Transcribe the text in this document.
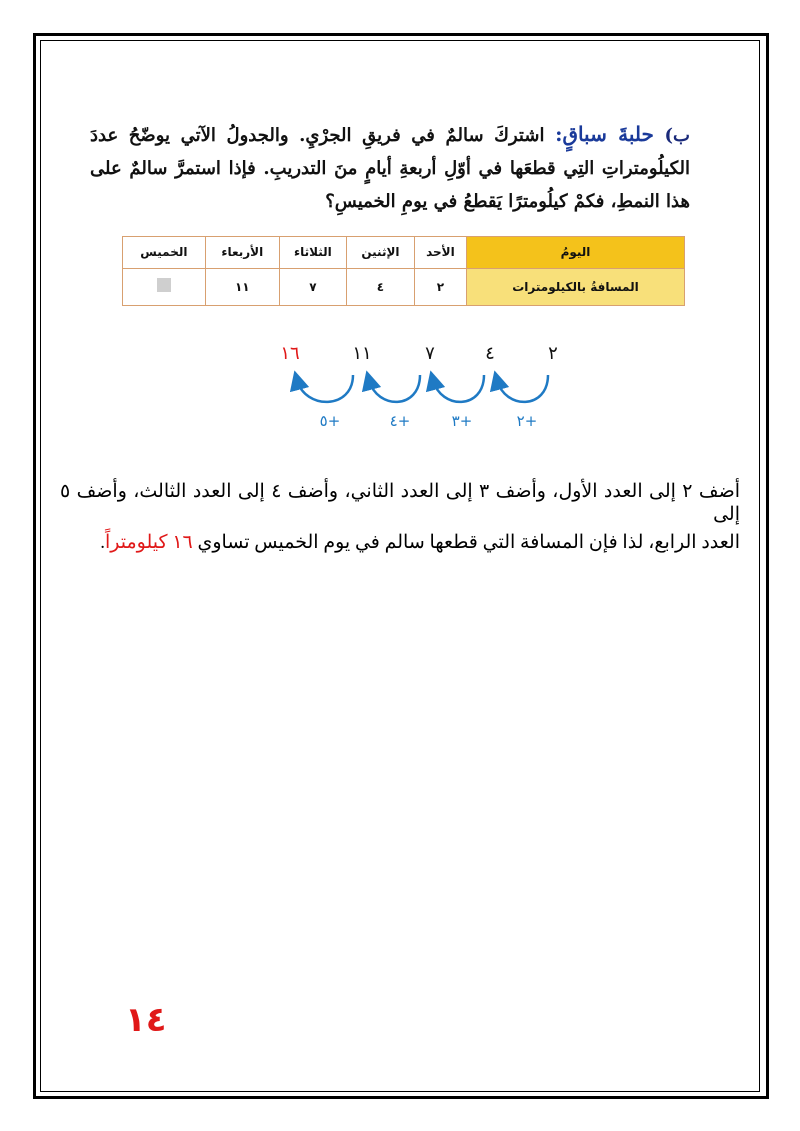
ب) حلبةَ سباقٍ: اشتركَ سالمٌ في فريقِ الجرْيِ. والجدولُ الآتي يوضّحُ عددَ الكيلُومتراتِ التِي قطعَها في أوّلِ أربعةِ أيامٍ منَ التدريبِ. فإذا استمرَّ سالمٌ على هذا النمطِ، فكمْ كيلُومترًا يَقطعُ في يومِ الخميسِ؟
اليومُ	الأحد	الإثنين	الثلاثاء	الأربعاء	الخميس
المسافةُ بالكيلومترات	٢	٤	٧	١١	
٢
٤
٧
١١
١٦
٢+
٣+
٤+
٥+
أضف ٢ إلى العدد الأول، وأضف ٣ إلى العدد الثاني، وأضف ٤ إلى العدد الثالث، وأضف ٥ إلى
العدد الرابع، لذا فإن المسافة التي قطعها سالم في يوم الخميس تساوي ١٦ كيلومتراً.
١٤
